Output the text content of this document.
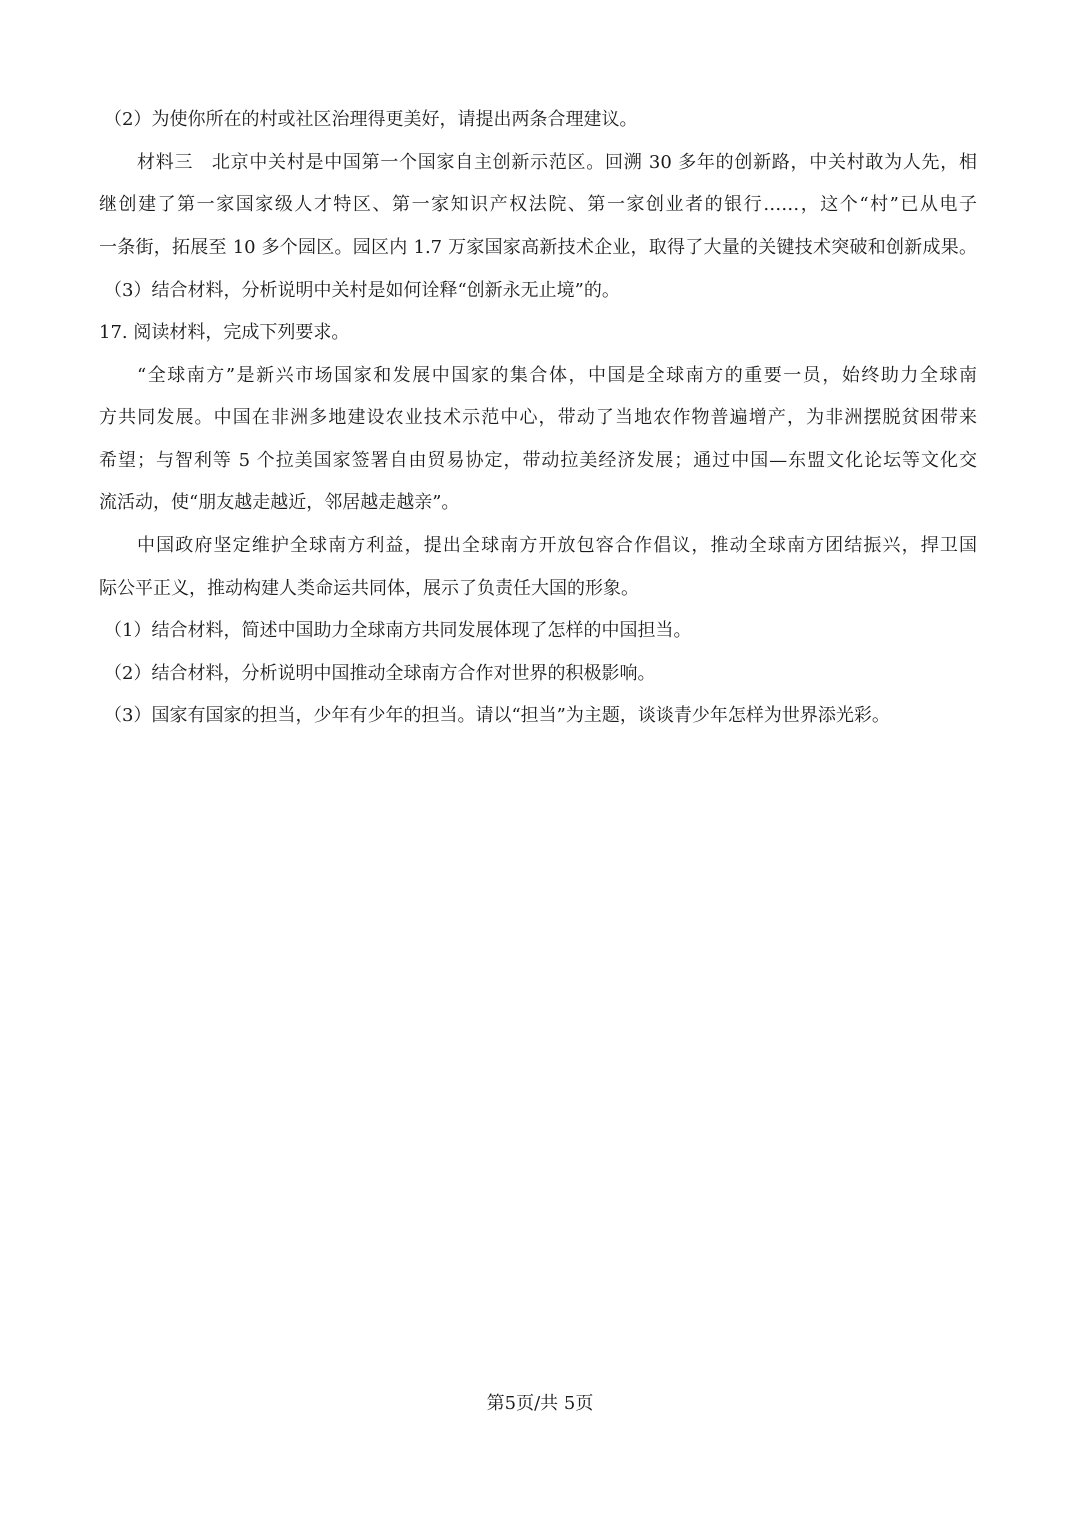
（2）为使你所在的村或社区治理得更美好，请提出两条合理建议。
材料三　北京中关村是中国第一个国家自主创新示范区。回溯 30 多年的创新路，中关村敢为人先，相
继创建了第一家国家级人才特区、第一家知识产权法院、第一家创业者的银行……，这个“村”已从电子
一条街，拓展至 10 多个园区。园区内 1.7 万家国家高新技术企业，取得了大量的关键技术突破和创新成果。
（3）结合材料，分析说明中关村是如何诠释“创新永无止境”的。
17. 阅读材料，完成下列要求。
“全球南方”是新兴市场国家和发展中国家的集合体，中国是全球南方的重要一员，始终助力全球南
方共同发展。中国在非洲多地建设农业技术示范中心，带动了当地农作物普遍增产，为非洲摆脱贫困带来
希望；与智利等 5 个拉美国家签署自由贸易协定，带动拉美经济发展；通过中国—东盟文化论坛等文化交
流活动，使“朋友越走越近，邻居越走越亲”。
中国政府坚定维护全球南方利益，提出全球南方开放包容合作倡议，推动全球南方团结振兴，捍卫国
际公平正义，推动构建人类命运共同体，展示了负责任大国的形象。
（1）结合材料，简述中国助力全球南方共同发展体现了怎样的中国担当。
（2）结合材料，分析说明中国推动全球南方合作对世界的积极影响。
（3）国家有国家的担当，少年有少年的担当。请以“担当”为主题，谈谈青少年怎样为世界添光彩。
第5页/共 5页
